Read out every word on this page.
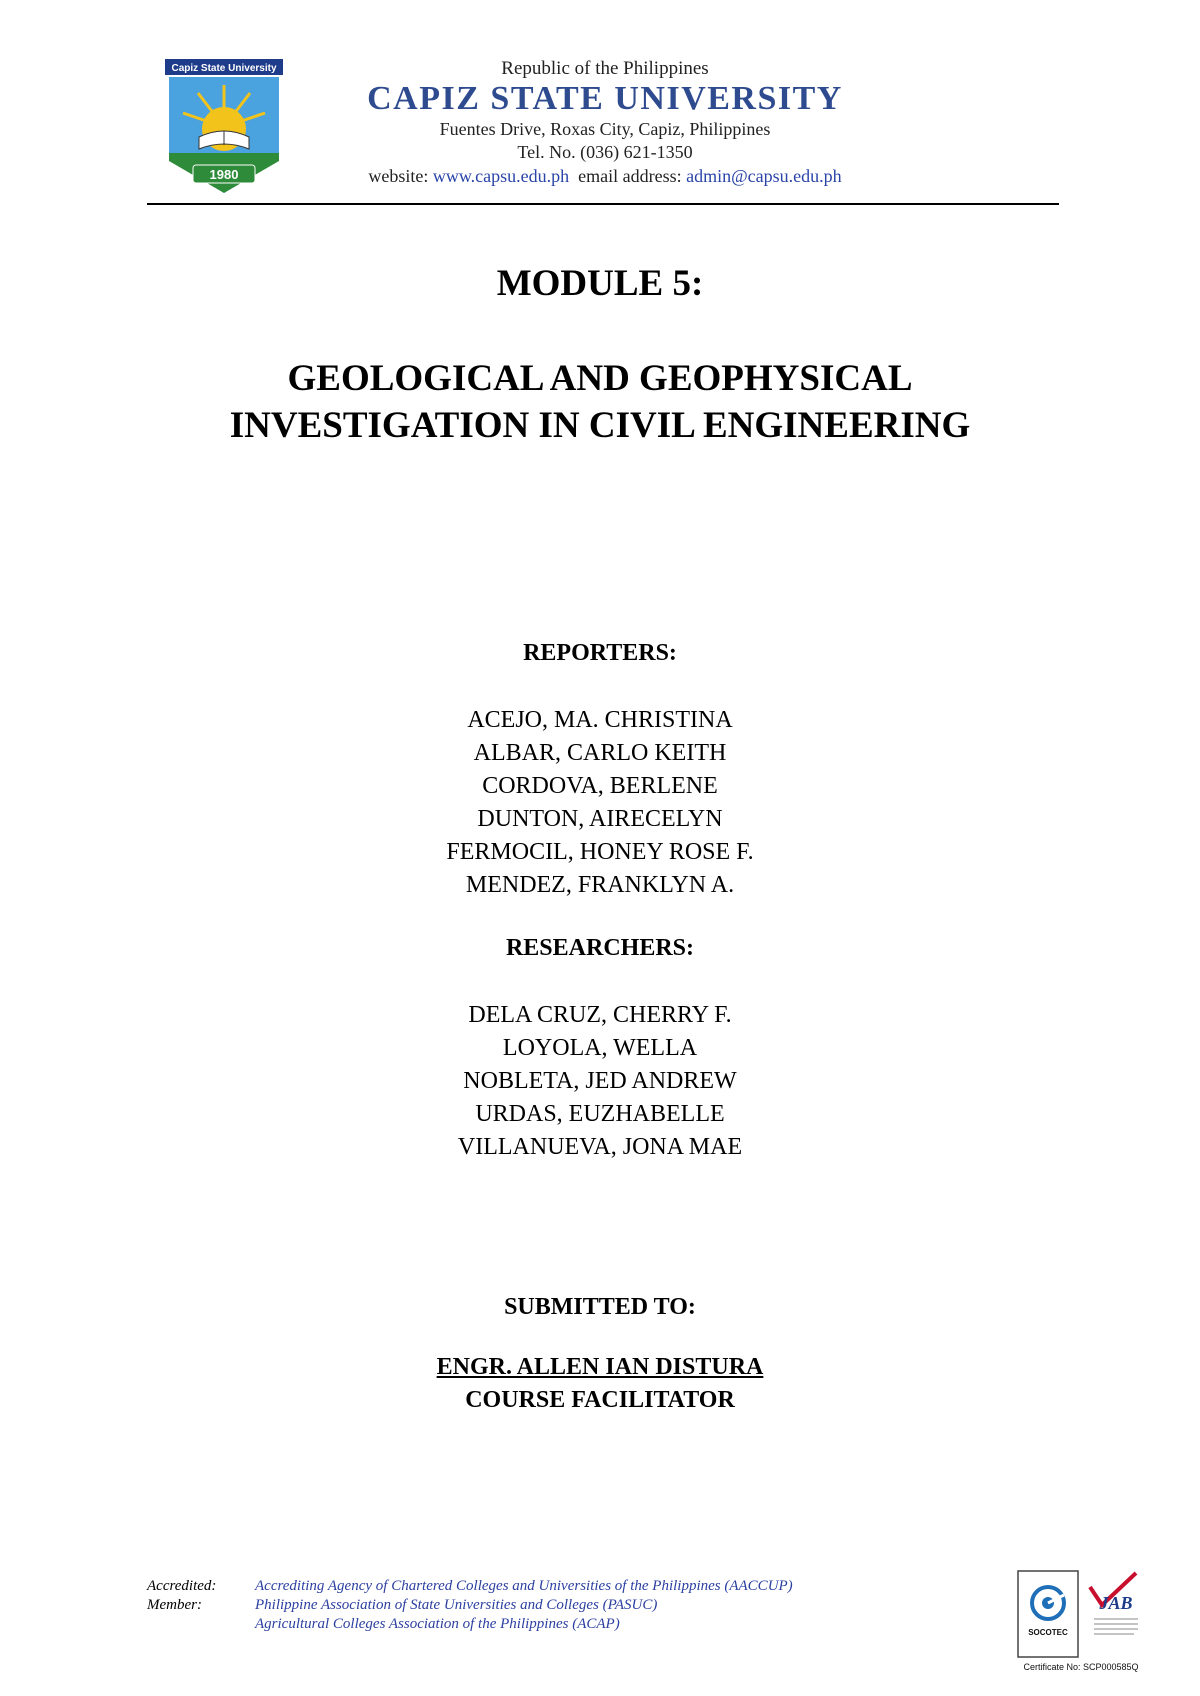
Capiz State University
1980
Republic of the Philippines
CAPIZ STATE UNIVERSITY
Fuentes Drive, Roxas City, Capiz, Philippines
Tel. No. (036) 621-1350
website: www.capsu.edu.ph email address: admin@capsu.edu.ph
MODULE 5:
GEOLOGICAL AND GEOPHYSICAL
INVESTIGATION IN CIVIL ENGINEERING
REPORTERS:
ACEJO, MA. CHRISTINA
ALBAR, CARLO KEITH
CORDOVA, BERLENE
DUNTON, AIRECELYN
FERMOCIL, HONEY ROSE F.
MENDEZ, FRANKLYN A.
RESEARCHERS:
DELA CRUZ, CHERRY F.
LOYOLA, WELLA
NOBLETA, JED ANDREW
URDAS, EUZHABELLE
VILLANUEVA, JONA MAE
SUBMITTED TO:
ENGR. ALLEN IAN DISTURA
COURSE FACILITATOR
Accredited:	Accrediting Agency of Chartered Colleges and Universities of the Philippines (AACCUP)
Member:	Philippine Association of State Universities and Colleges (PASUC)
Agricultural Colleges Association of the Philippines (ACAP)
SOCOTEC
JAB
Certificate No: SCP000585Q
